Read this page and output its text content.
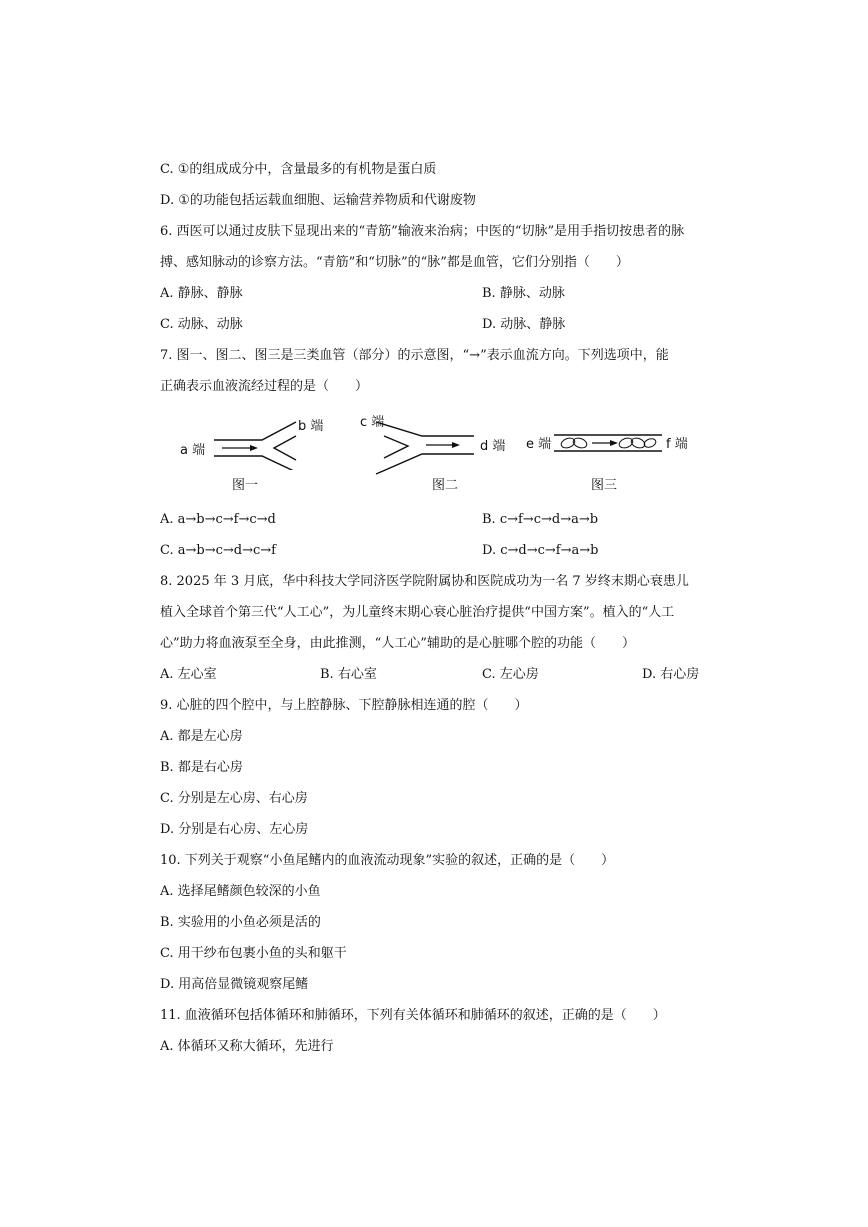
C. ①的组成成分中，含量最多的有机物是蛋白质
D. ①的功能包括运载血细胞、运输营养物质和代谢废物
6. 西医可以通过皮肤下显现出来的“青筋”输液来治病；中医的“切脉”是用手指切按患者的脉
搏、感知脉动的诊察方法。“青筋”和“切脉”的“脉”都是血管，它们分别指（　　）
A. 静脉、静脉	B. 静脉、动脉
C. 动脉、动脉	D. 动脉、静脉
7. 图一、图二、图三是三类血管（部分）的示意图，“→”表示血流方向。下列选项中，能
正确表示血液流经过程的是（　　）
a 端
b 端
图一
c 端
d 端
图二
e 端	f 端
图三
A. a→b→c→f→c→d	B. c→f→c→d→a→b
C. a→b→c→d→c→f	D. c→d→c→f→a→b
8. 2025 年 3 月底，华中科技大学同济医学院附属协和医院成功为一名 7 岁终末期心衰患儿
植入全球首个第三代“人工心”，为儿童终末期心衰心脏治疗提供“中国方案”。植入的“人工
心”助力将血液泵至全身，由此推测，“人工心”辅助的是心脏哪个腔的功能（　　）
A. 左心室	B. 右心室	C. 左心房	D. 右心房
9. 心脏的四个腔中，与上腔静脉、下腔静脉相连通的腔（　　）
A. 都是左心房
B. 都是右心房
C. 分别是左心房、右心房
D. 分别是右心房、左心房
10. 下列关于观察“小鱼尾鳍内的血液流动现象”实验的叙述，正确的是（　　）
A. 选择尾鳍颜色较深的小鱼
B. 实验用的小鱼必须是活的
C. 用干纱布包裹小鱼的头和躯干
D. 用高倍显微镜观察尾鳍
11. 血液循环包括体循环和肺循环，下列有关体循环和肺循环的叙述，正确的是（　　）
A. 体循环又称大循环，先进行
